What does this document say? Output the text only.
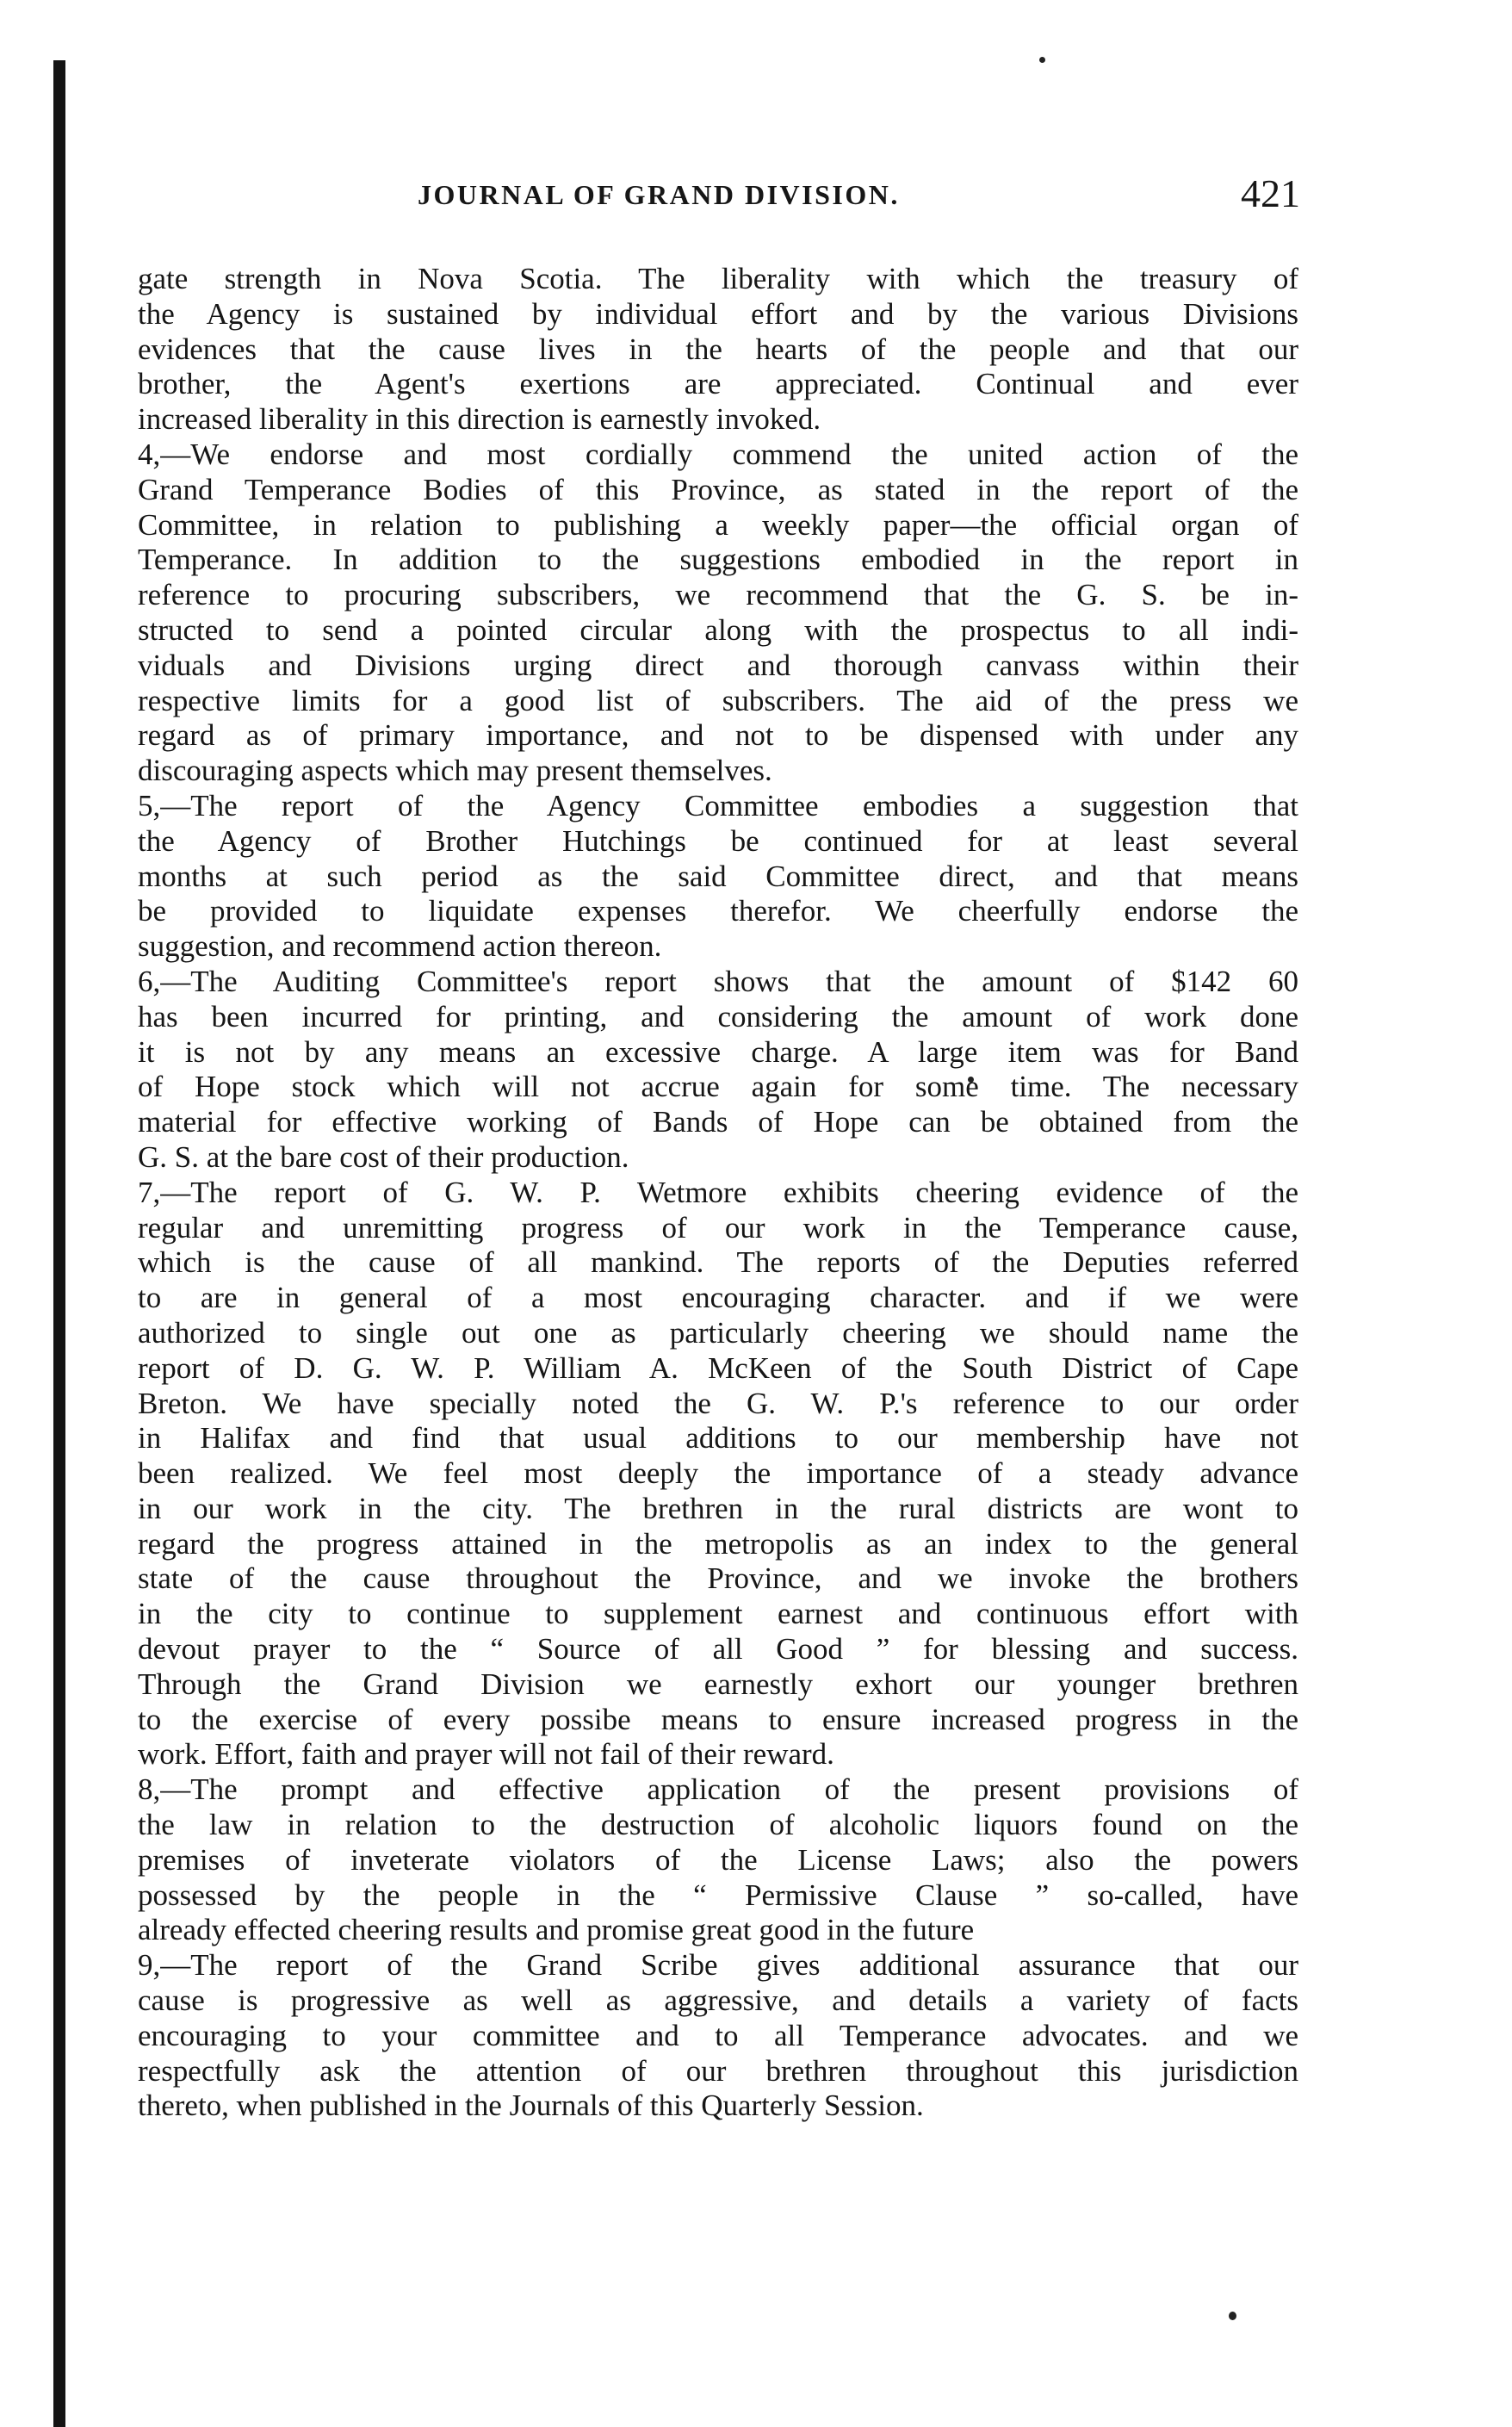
JOURNAL OF GRAND DIVISION.	421
gate strength in Nova Scotia. The liberality with which the treasury of
the Agency is sustained by individual effort and by the various Divisions
evidences that the cause lives in the hearts of the people and that our
brother, the Agent's exertions are appreciated. Continual and ever
increased liberality in this direction is earnestly invoked.
4,—We endorse and most cordially commend the united action of the
Grand Temperance Bodies of this Province, as stated in the report of the
Committee, in relation to publishing a weekly paper—the official organ of
Temperance. In addition to the suggestions embodied in the report in
reference to procuring subscribers, we recommend that the G. S. be in-
structed to send a pointed circular along with the prospectus to all indi-
viduals and Divisions urging direct and thorough canvass within their
respective limits for a good list of subscribers. The aid of the press we
regard as of primary importance, and not to be dispensed with under any
discouraging aspects which may present themselves.
5,—The report of the Agency Committee embodies a suggestion that
the Agency of Brother Hutchings be continued for at least several
months at such period as the said Committee direct, and that means
be provided to liquidate expenses therefor. We cheerfully endorse the
suggestion, and recommend action thereon.
6,—The Auditing Committee's report shows that the amount of $142 60
has been incurred for printing, and considering the amount of work done
it is not by any means an excessive charge. A large item was for Band
of Hope stock which will not accrue again for some time. The necessary
material for effective working of Bands of Hope can be obtained from the
G. S. at the bare cost of their production.
7,—The report of G. W. P. Wetmore exhibits cheering evidence of the
regular and unremitting progress of our work in the Temperance cause,
which is the cause of all mankind. The reports of the Deputies referred
to are in general of a most encouraging character. and if we were
authorized to single out one as particularly cheering we should name the
report of D. G. W. P. William A. McKeen of the South District of Cape
Breton. We have specially noted the G. W. P.'s reference to our order
in Halifax and find that usual additions to our membership have not
been realized. We feel most deeply the importance of a steady advance
in our work in the city. The brethren in the rural districts are wont to
regard the progress attained in the metropolis as an index to the general
state of the cause throughout the Province, and we invoke the brothers
in the city to continue to supplement earnest and continuous effort with
devout prayer to the “ Source of all Good ” for blessing and success.
Through the Grand Division we earnestly exhort our younger brethren
to the exercise of every possibe means to ensure increased progress in the
work. Effort, faith and prayer will not fail of their reward.
8,—The prompt and effective application of the present provisions of
the law in relation to the destruction of alcoholic liquors found on the
premises of inveterate violators of the License Laws; also the powers
possessed by the people in the “ Permissive Clause ” so-called, have
already effected cheering results and promise great good in the future
9,—The report of the Grand Scribe gives additional assurance that our
cause is progressive as well as aggressive, and details a variety of facts
encouraging to your committee and to all Temperance advocates. and we
respectfully ask the attention of our brethren throughout this jurisdiction
thereto, when published in the Journals of this Quarterly Session.
